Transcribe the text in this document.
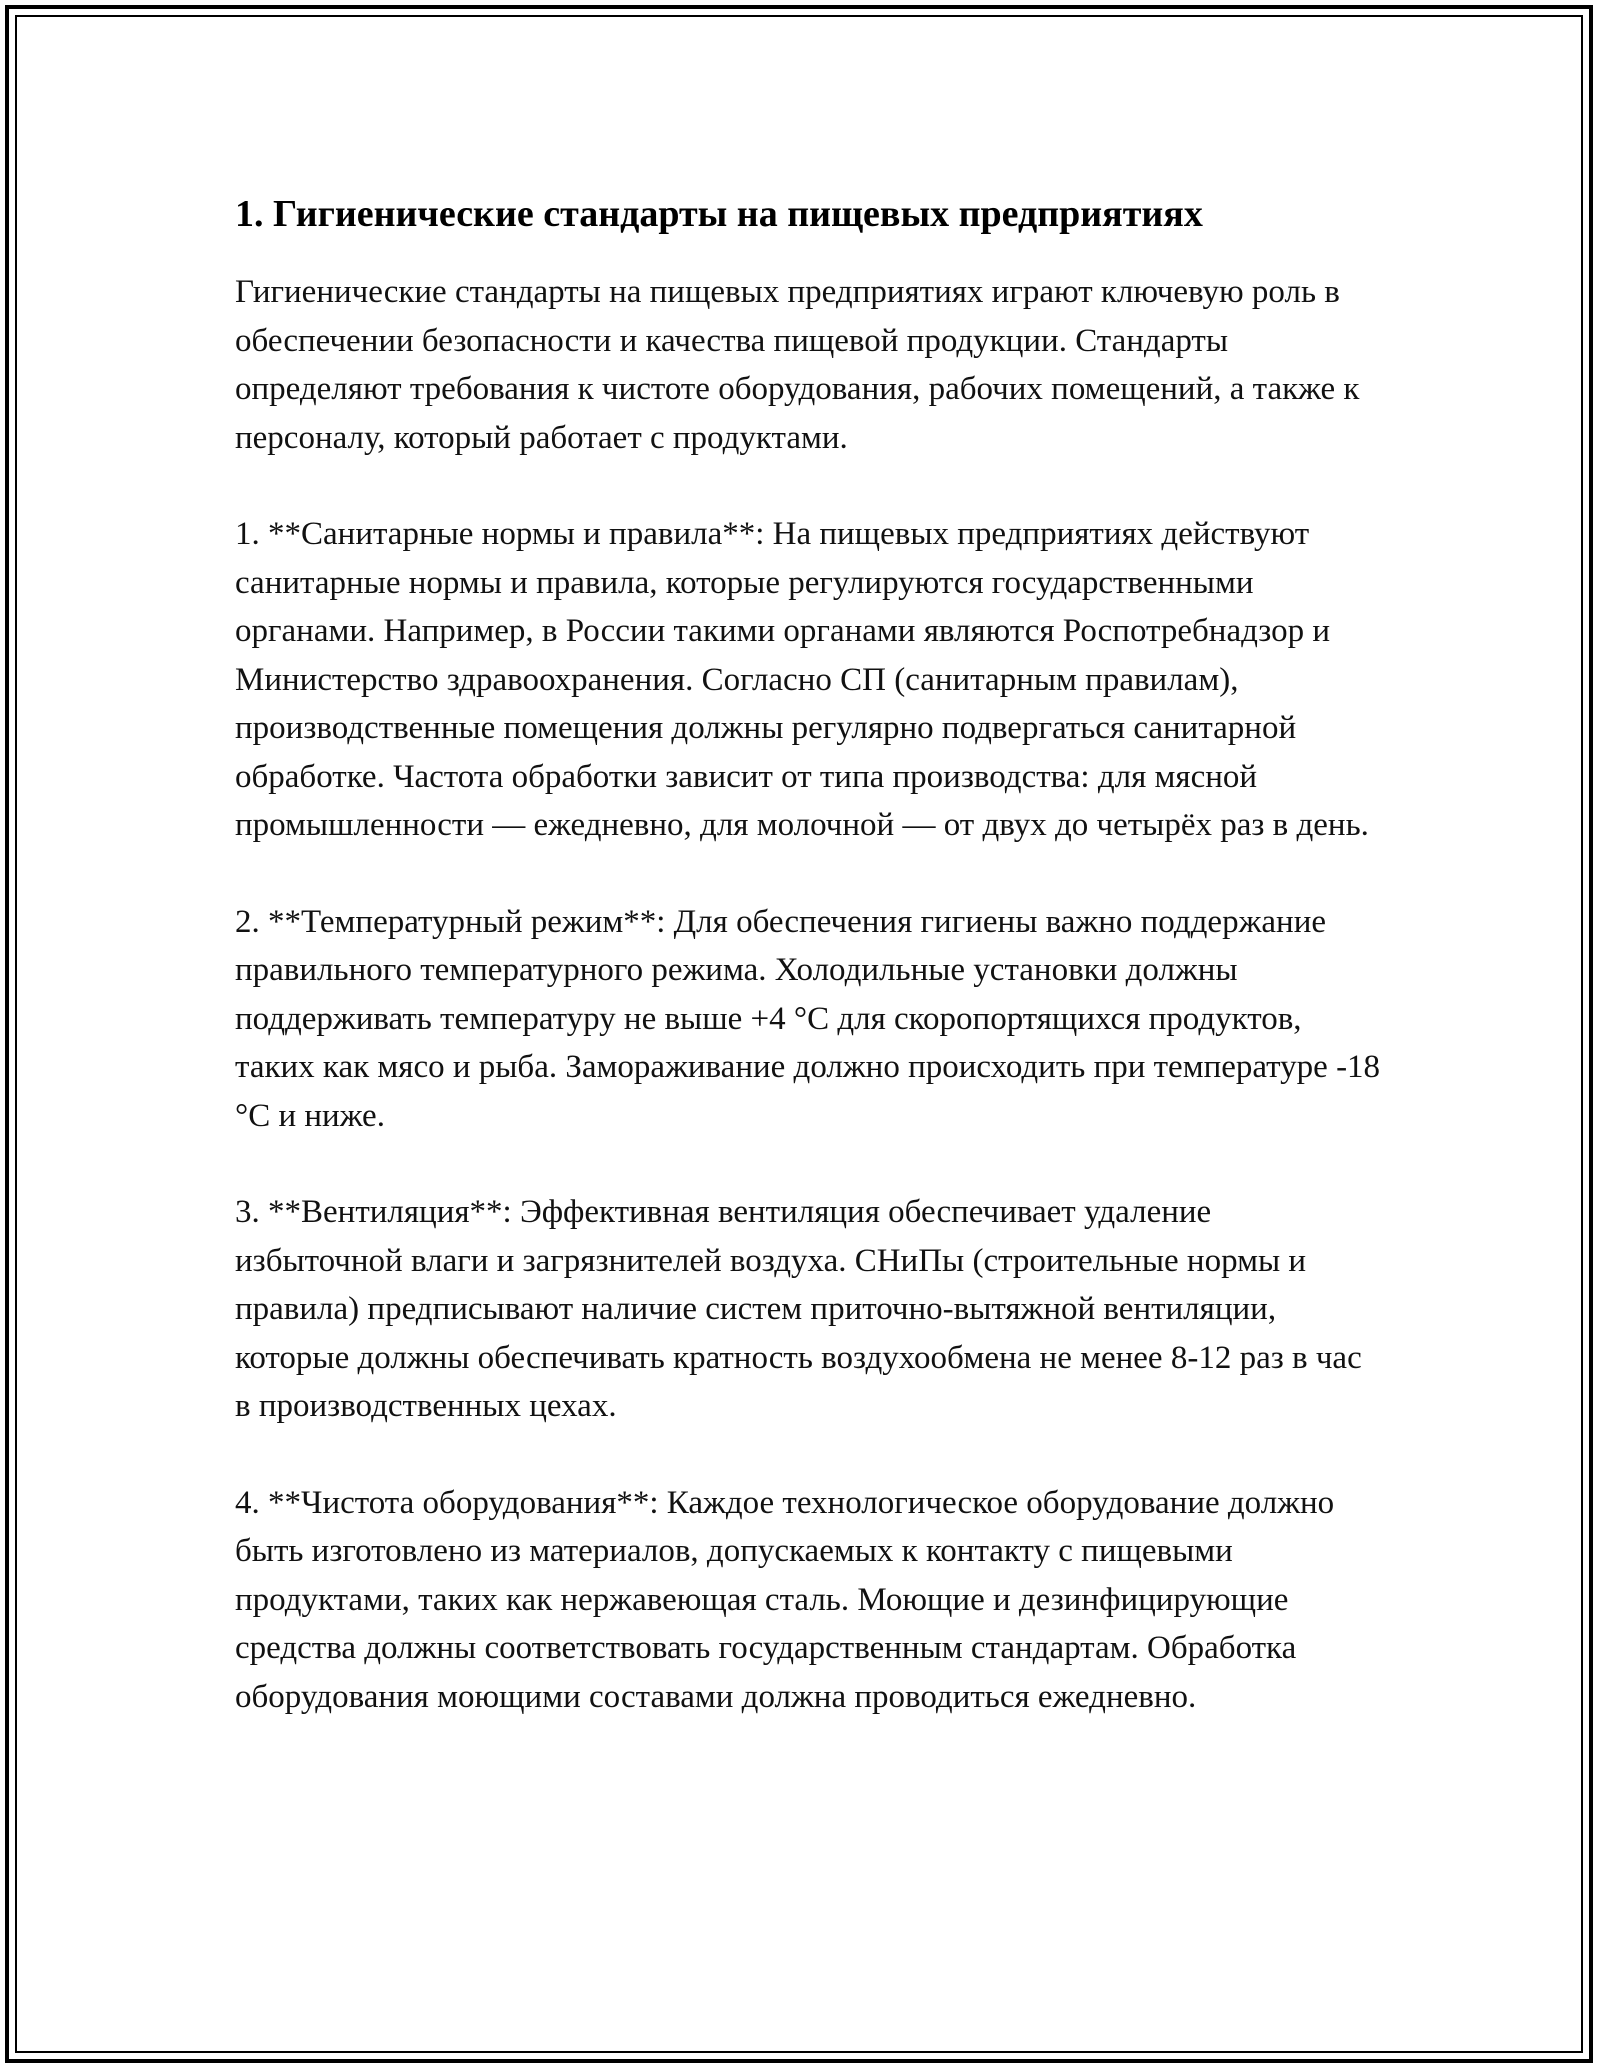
1. Гигиенические стандарты на пищевых предприятиях

Гигиенические стандарты на пищевых предприятиях играют ключевую роль в обеспечении безопасности и качества пищевой продукции. Стандарты определяют требования к чистоте оборудования, рабочих помещений, а также к персоналу, который работает с продуктами.

1. **Санитарные нормы и правила**: На пищевых предприятиях действуют санитарные нормы и правила, которые регулируются государственными органами. Например, в России такими органами являются Роспотребнадзор и Министерство здравоохранения. Согласно СП (санитарным правилам), производственные помещения должны регулярно подвергаться санитарной обработке. Частота обработки зависит от типа производства: для мясной промышленности — ежедневно, для молочной — от двух до четырёх раз в день.

2. **Температурный режим**: Для обеспечения гигиены важно поддержание правильного температурного режима. Холодильные установки должны поддерживать температуру не выше +4 °C для скоропортящихся продуктов, таких как мясо и рыба. Замораживание должно происходить при температуре -18 °C и ниже.

3. **Вентиляция**: Эффективная вентиляция обеспечивает удаление избыточной влаги и загрязнителей воздуха. СНиПы (строительные нормы и правила) предписывают наличие систем приточно-вытяжной вентиляции, которые должны обеспечивать кратность воздухообмена не менее 8-12 раз в час в производственных цехах.

4. **Чистота оборудования**: Каждое технологическое оборудование должно быть изготовлено из материалов, допускаемых к контакту с пищевыми продуктами, таких как нержавеющая сталь. Моющие и дезинфицирующие средства должны соответствовать государственным стандартам. Обработка оборудования моющими составами должна проводиться ежедневно.
